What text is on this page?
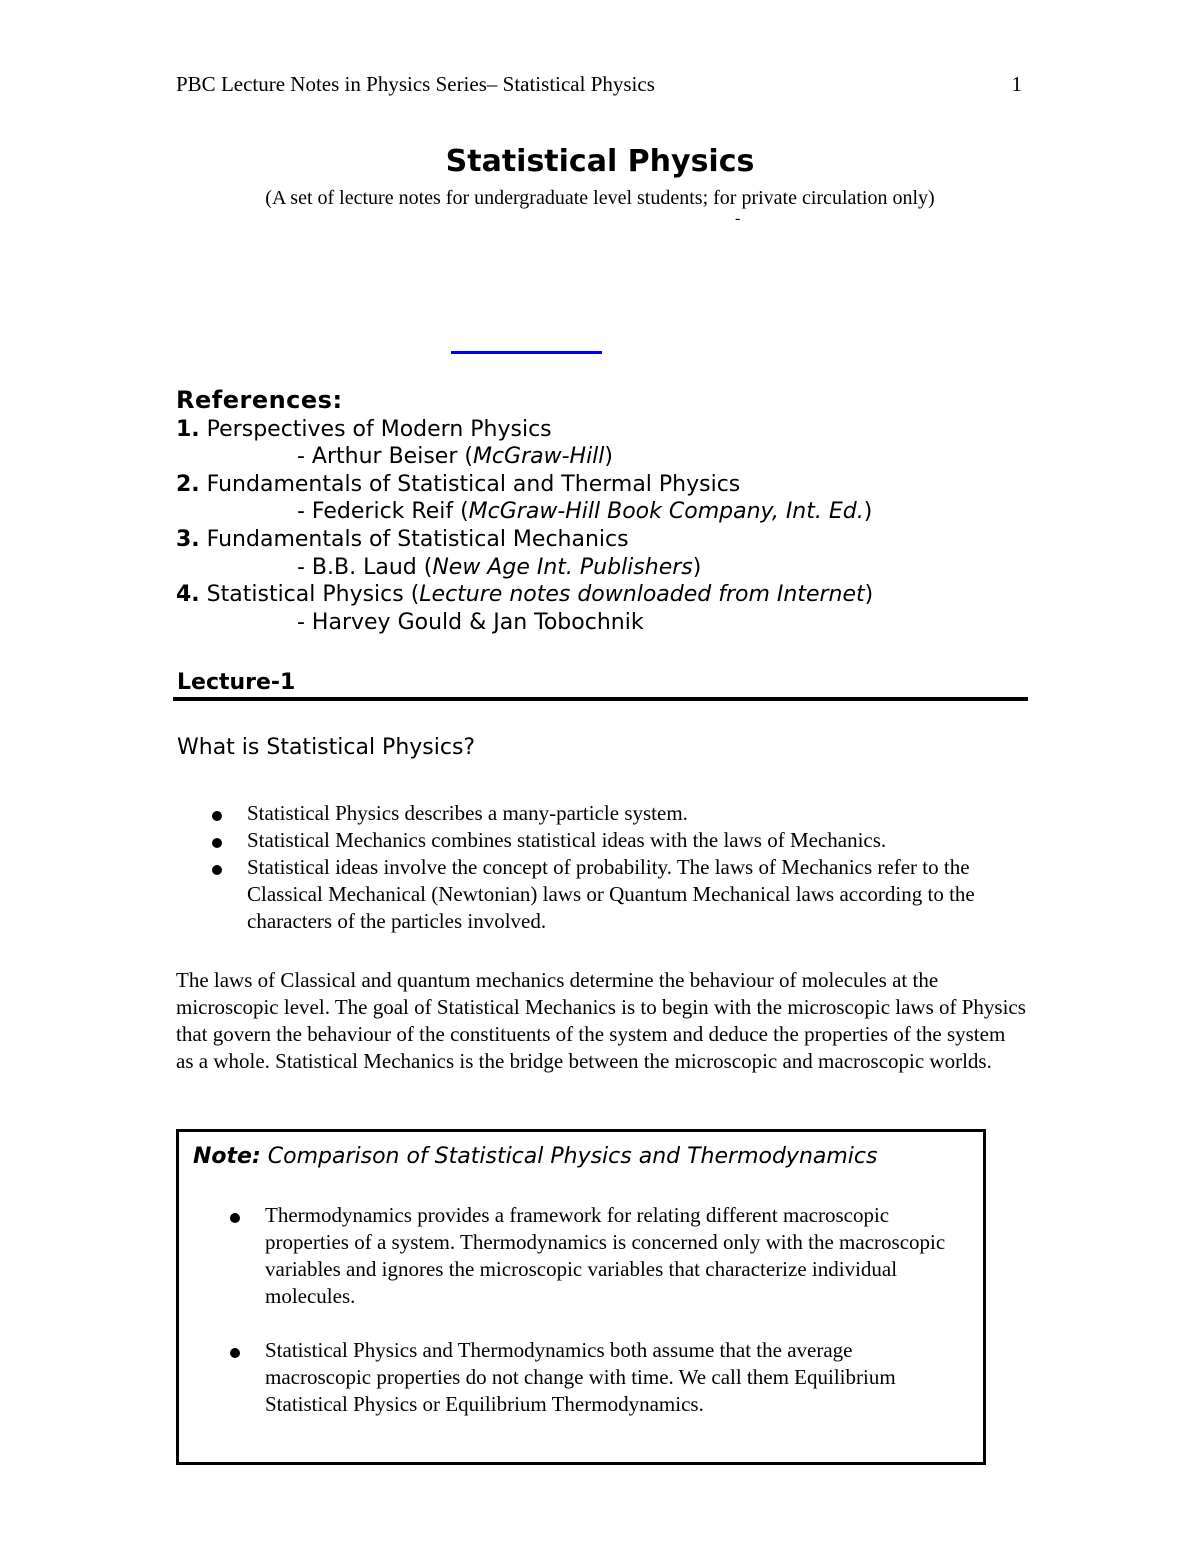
PBC Lecture Notes in Physics Series– Statistical Physics	1
Statistical Physics
(A set of lecture notes for undergraduate level students; for private circulation only)
-
References:
1. Perspectives of Modern Physics
- Arthur Beiser (McGraw-Hill)
2. Fundamentals of Statistical and Thermal Physics
- Federick Reif (McGraw-Hill Book Company, Int. Ed.)
3. Fundamentals of Statistical Mechanics
- B.B. Laud (New Age Int. Publishers)
4. Statistical Physics (Lecture notes downloaded from Internet)
- Harvey Gould & Jan Tobochnik
Lecture-1
What is Statistical Physics?
Statistical Physics describes a many-particle system.
Statistical Mechanics combines statistical ideas with the laws of Mechanics.
Statistical ideas involve the concept of probability. The laws of Mechanics refer to the Classical Mechanical (Newtonian) laws or Quantum Mechanical laws according to the characters of the particles involved.
The laws of Classical and quantum mechanics determine the behaviour of molecules at the microscopic level. The goal of Statistical Mechanics is to begin with the microscopic laws of Physics that govern the behaviour of the constituents of the system and deduce the properties of the system as a whole. Statistical Mechanics is the bridge between the microscopic and macroscopic worlds.
Note: Comparison of Statistical Physics and Thermodynamics
Thermodynamics provides a framework for relating different macroscopic properties of a system. Thermodynamics is concerned only with the macroscopic variables and ignores the microscopic variables that characterize individual molecules.
Statistical Physics and Thermodynamics both assume that the average macroscopic properties do not change with time. We call them Equilibrium Statistical Physics or Equilibrium Thermodynamics.
